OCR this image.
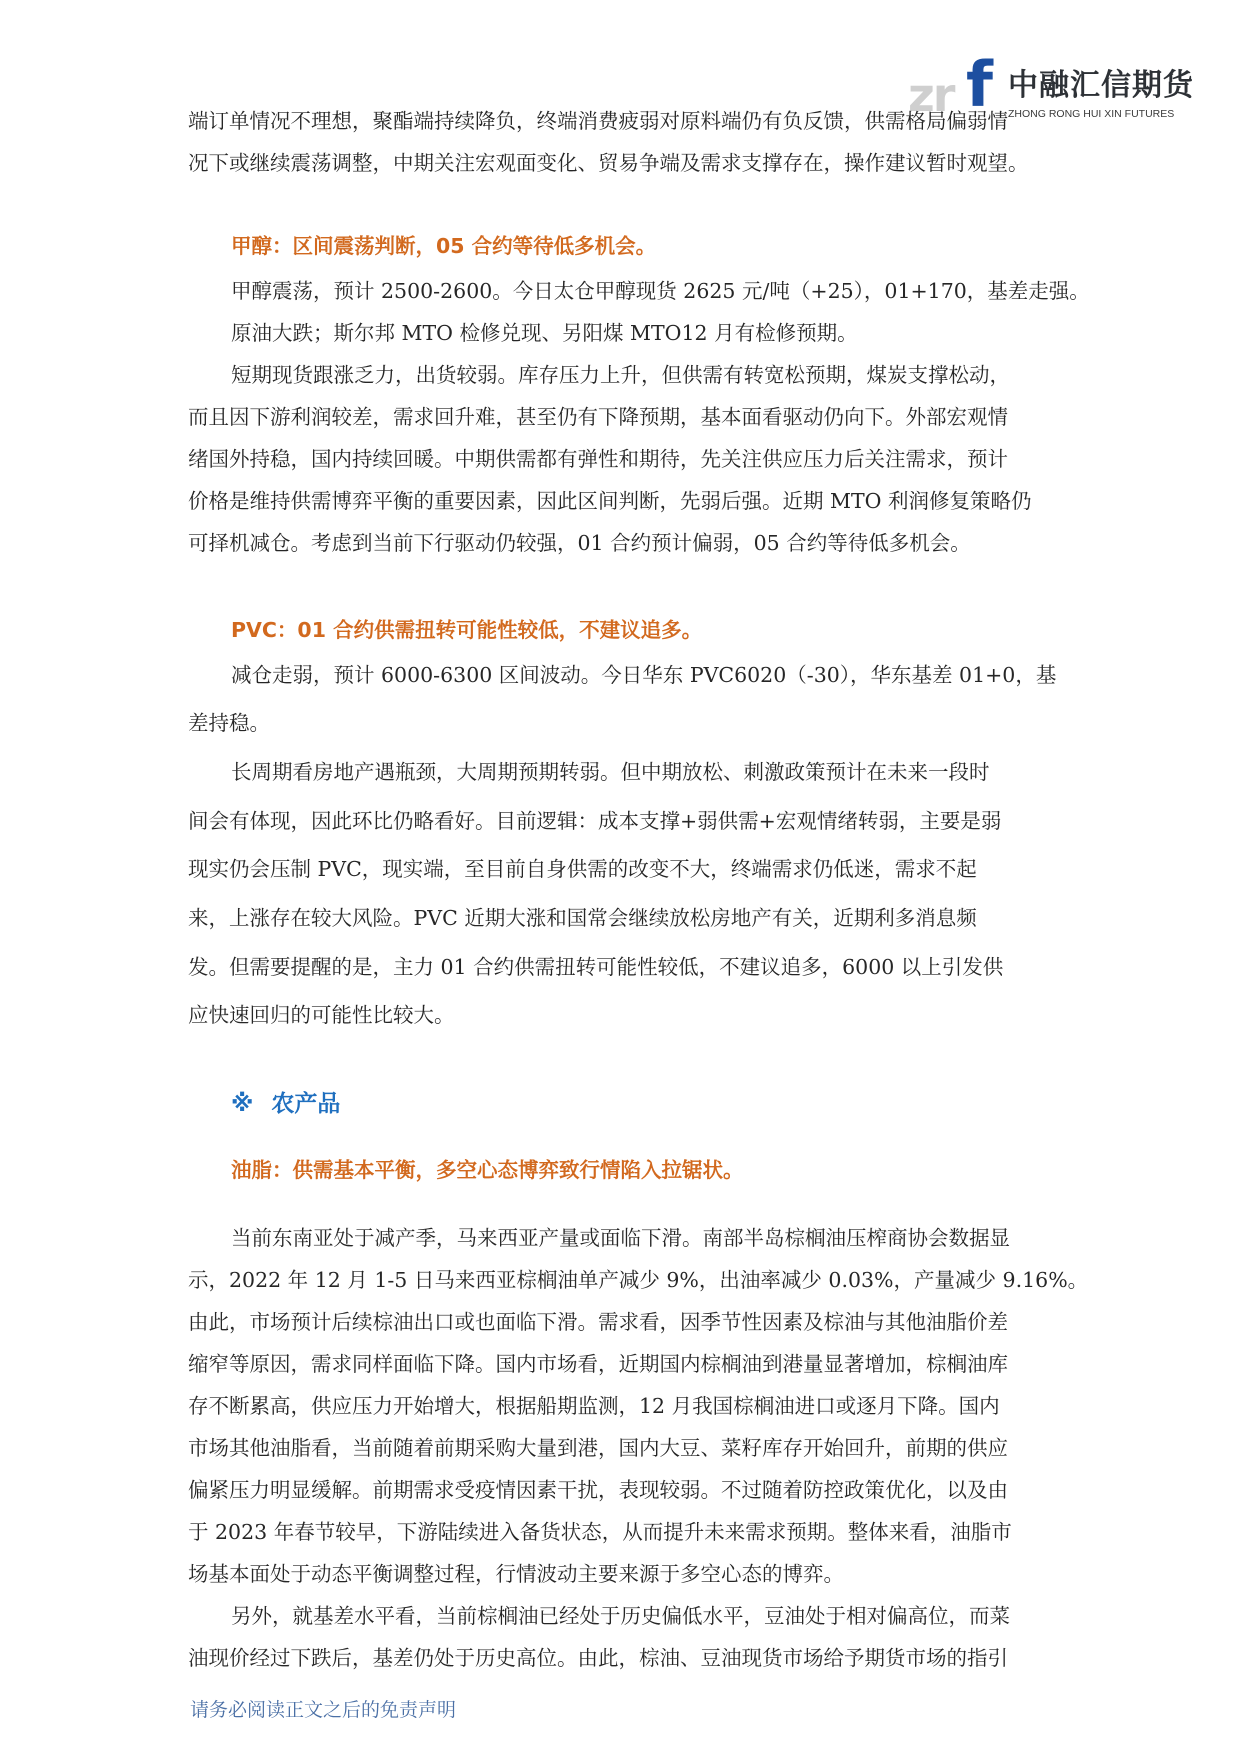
zr f 中融汇信期货
ZHONG RONG HUI XIN FUTURES

端订单情况不理想，聚酯端持续降负，终端消费疲弱对原料端仍有负反馈，供需格局偏弱情

况下或继续震荡调整，中期关注宏观面变化、贸易争端及需求支撑存在，操作建议暂时观望。

甲醇：区间震荡判断，05 合约等待低多机会。

甲醇震荡，预计 2500-2600。今日太仓甲醇现货 2625 元/吨（+25），01+170，基差走强。

原油大跌；斯尔邦 MTO 检修兑现、另阳煤 MTO12 月有检修预期。

短期现货跟涨乏力，出货较弱。库存压力上升，但供需有转宽松预期，煤炭支撑松动，

而且因下游利润较差，需求回升难，甚至仍有下降预期，基本面看驱动仍向下。外部宏观情

绪国外持稳，国内持续回暖。中期供需都有弹性和期待，先关注供应压力后关注需求，预计

价格是维持供需博弈平衡的重要因素，因此区间判断，先弱后强。近期 MTO 利润修复策略仍

可择机减仓。考虑到当前下行驱动仍较强，01 合约预计偏弱，05 合约等待低多机会。

PVC：01 合约供需扭转可能性较低，不建议追多。

减仓走弱，预计 6000-6300 区间波动。今日华东 PVC6020（-30），华东基差 01+0，基

差持稳。

长周期看房地产遇瓶颈，大周期预期转弱。但中期放松、刺激政策预计在未来一段时

间会有体现，因此环比仍略看好。目前逻辑：成本支撑+弱供需+宏观情绪转弱，主要是弱

现实仍会压制 PVC，现实端，至目前自身供需的改变不大，终端需求仍低迷，需求不起

来，上涨存在较大风险。PVC 近期大涨和国常会继续放松房地产有关，近期利多消息频

发。但需要提醒的是，主力 01 合约供需扭转可能性较低，不建议追多，6000 以上引发供

应快速回归的可能性比较大。

※ 农产品
油脂：供需基本平衡，多空心态博弈致行情陷入拉锯状。

当前东南亚处于减产季，马来西亚产量或面临下滑。南部半岛棕榈油压榨商协会数据显

示，2022 年 12 月 1-5 日马来西亚棕榈油单产减少 9%，出油率减少 0.03%，产量减少 9.16%。

由此，市场预计后续棕油出口或也面临下滑。需求看，因季节性因素及棕油与其他油脂价差

缩窄等原因，需求同样面临下降。国内市场看，近期国内棕榈油到港量显著增加，棕榈油库

存不断累高，供应压力开始增大，根据船期监测，12 月我国棕榈油进口或逐月下降。国内

市场其他油脂看，当前随着前期采购大量到港，国内大豆、菜籽库存开始回升，前期的供应

偏紧压力明显缓解。前期需求受疫情因素干扰，表现较弱。不过随着防控政策优化，以及由

于 2023 年春节较早，下游陆续进入备货状态，从而提升未来需求预期。整体来看，油脂市

场基本面处于动态平衡调整过程，行情波动主要来源于多空心态的博弈。

另外，就基差水平看，当前棕榈油已经处于历史偏低水平，豆油处于相对偏高位，而菜

油现价经过下跌后，基差仍处于历史高位。由此，棕油、豆油现货市场给予期货市场的指引

请务必阅读正文之后的免责声明
